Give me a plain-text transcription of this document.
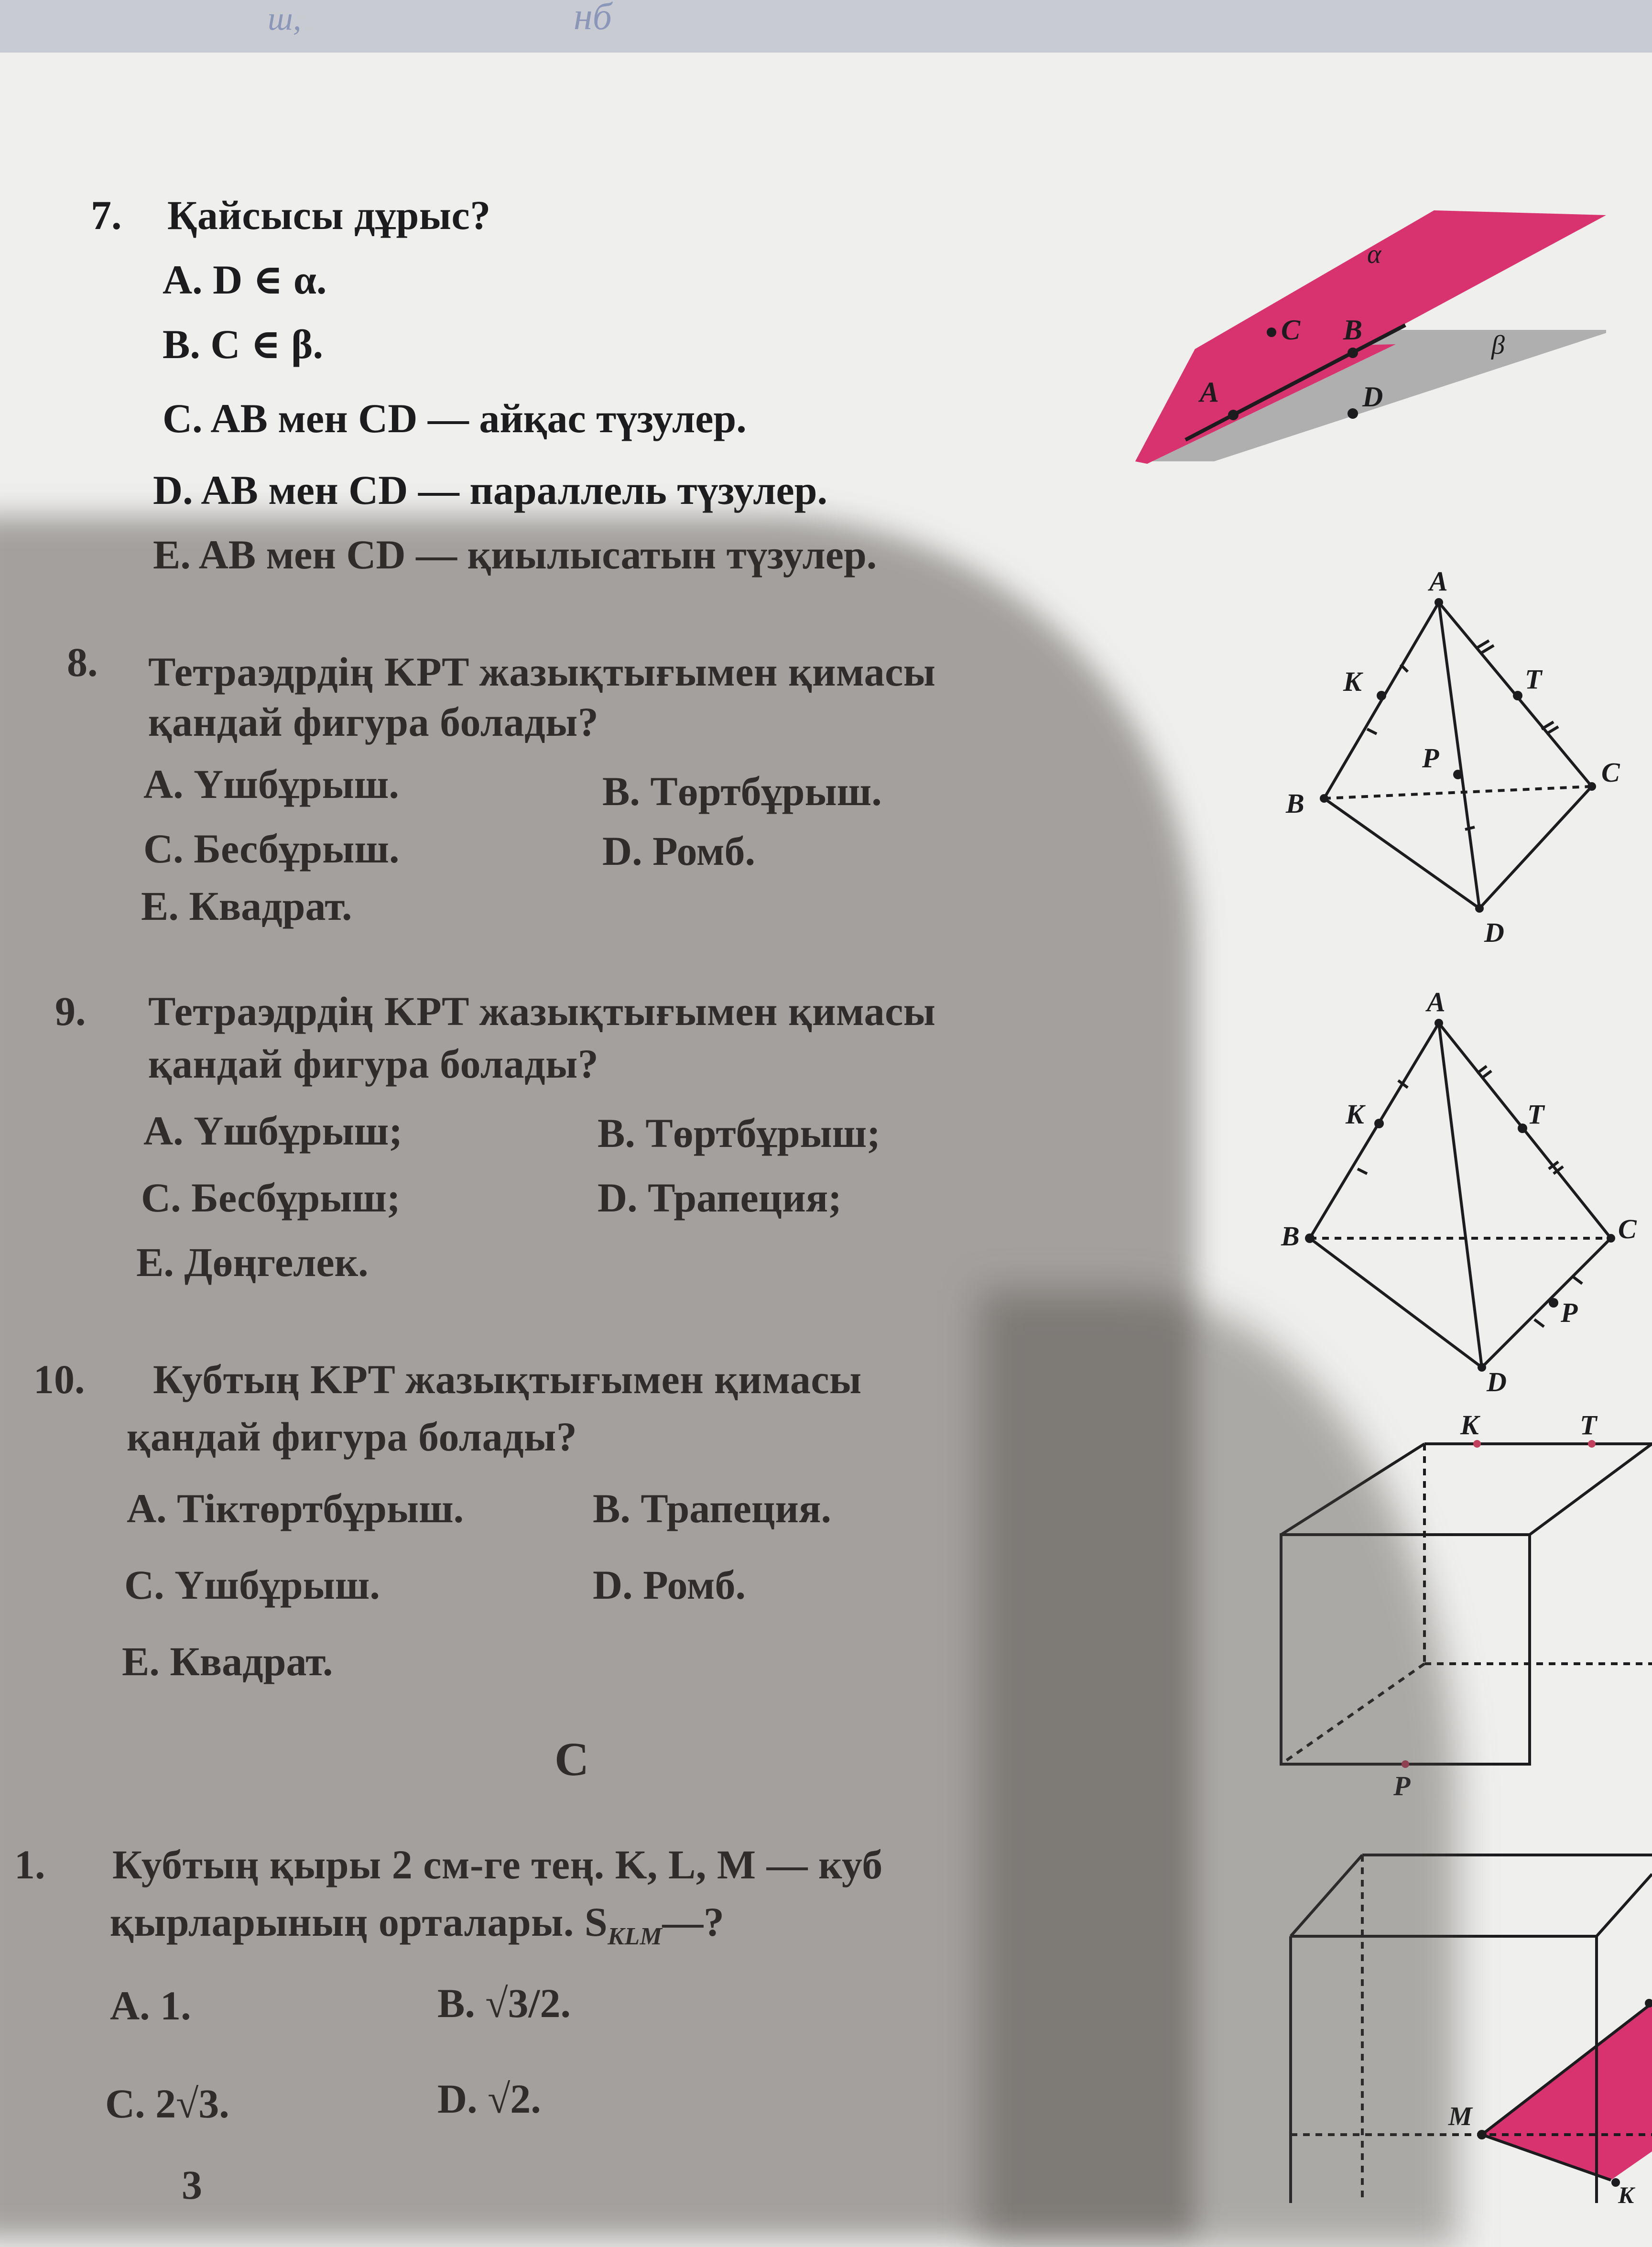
ш,	нб
7. Қайсысы дұрыс?
A. D ∈ α.
B. C ∈ β.
C. AB мен CD — айқас түзулер.
D. AB мен CD — параллель түзулер.
E. AB мен CD — қиылысатын түзулер.
α
β
C B
A	D
8. Тетраэдрдің KPT жазықтығымен қимасы
қандай фигура болады?
A. Үшбұрыш.	B. Төртбұрыш.
C. Бесбұрыш.	D. Ромб.
E. Квадрат.
A
K	T
P
B
C
D
9. Тетраэдрдің KPT жазықтығымен қимасы
қандай фигура болады?
A. Үшбұрыш;	B. Төртбұрыш;
C. Бесбұрыш;	D. Трапеция;
E. Дөңгелек.
A
K	T
B	C
P
D
10. Кубтың KPT жазықтығымен қимасы
қандай фигура болады?
A. Тіктөртбұрыш.	B. Трапеция.
C. Үшбұрыш.	D. Ромб.
E. Квадрат.
K	T
P
C
1. Кубтың қыры 2 см-ге тең. K, L, M — куб
қырларының орталары. $S_{KLM}—$?
A. 1.	B. √3/2.
C. 2√3.	D. √2.
3
M
K
